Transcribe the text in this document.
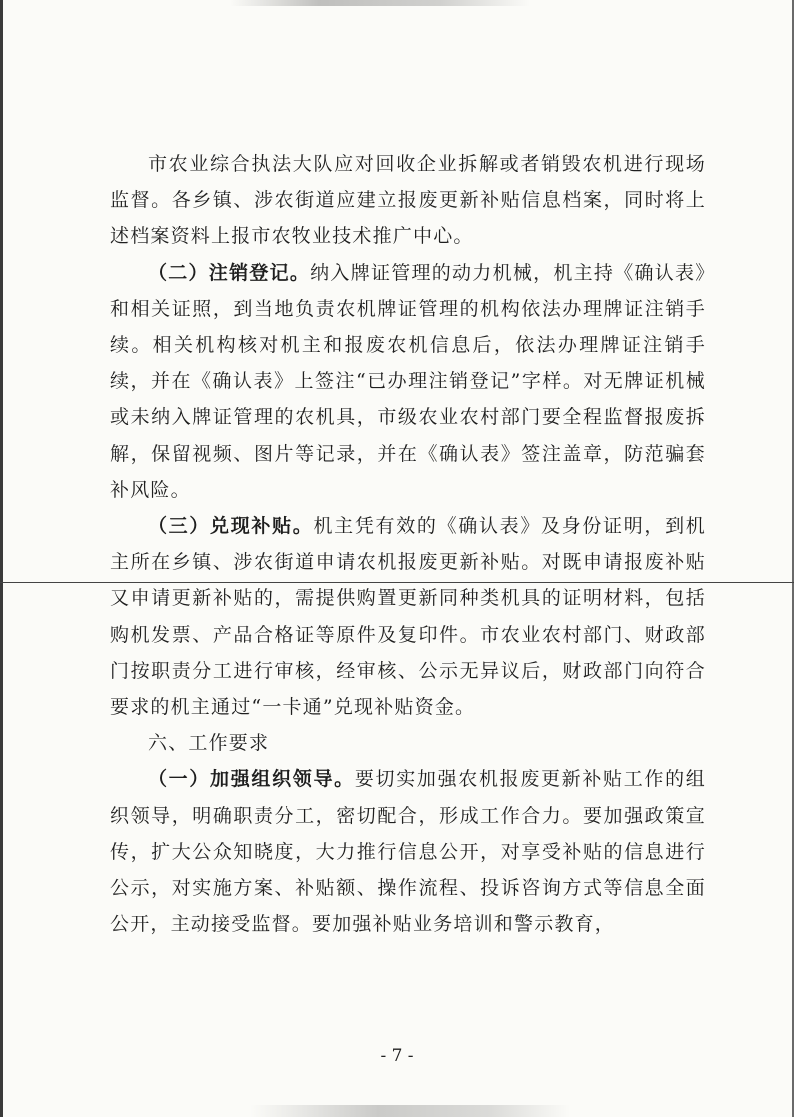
市农业综合执法大队应对回收企业拆解或者销毁农机进行现场监督。各乡镇、涉农街道应建立报废更新补贴信息档案，同时将上述档案资料上报市农牧业技术推广中心。

（二）注销登记。纳入牌证管理的动力机械，机主持《确认表》和相关证照，到当地负责农机牌证管理的机构依法办理牌证注销手续。相关机构核对机主和报废农机信息后，依法办理牌证注销手续，并在《确认表》上签注“已办理注销登记”字样。对无牌证机械或未纳入牌证管理的农机具，市级农业农村部门要全程监督报废拆解，保留视频、图片等记录，并在《确认表》签注盖章，防范骗套补风险。

（三）兑现补贴。机主凭有效的《确认表》及身份证明，到机主所在乡镇、涉农街道申请农机报废更新补贴。对既申请报废补贴又申请更新补贴的，需提供购置更新同种类机具的证明材料，包括购机发票、产品合格证等原件及复印件。市农业农村部门、财政部门按职责分工进行审核，经审核、公示无异议后，财政部门向符合要求的机主通过“一卡通”兑现补贴资金。

六、工作要求

（一）加强组织领导。要切实加强农机报废更新补贴工作的组织领导，明确职责分工，密切配合，形成工作合力。要加强政策宣传，扩大公众知晓度，大力推行信息公开，对享受补贴的信息进行公示，对实施方案、补贴额、操作流程、投诉咨询方式等信息全面公开，主动接受监督。要加强补贴业务培训和警示教育，

- 7 -
